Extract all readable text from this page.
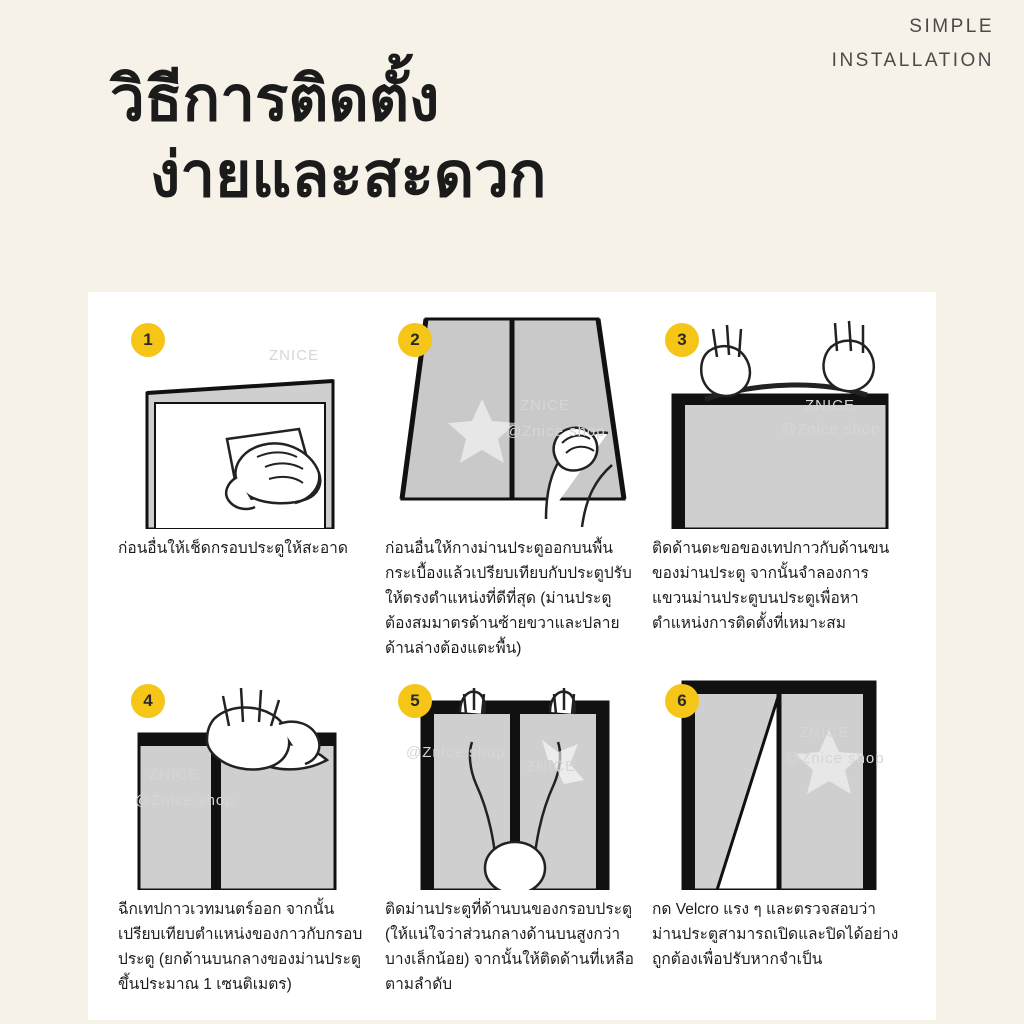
SIMPLE
INSTALLATION
วิธีการติดตั้ง
ง่ายและสะดวก
1
ZNICE
ก่อนอื่นให้เช็ดกรอบประตูให้สะอาด
2
ZNICE
@Znice shop
ก่อนอื่นให้กางม่านประตูออกบนพื้นกระเบื้องแล้วเปรียบเทียบกับประตูปรับให้ตรงตำแหน่งที่ดีที่สุด (ม่านประตูต้องสมมาตรด้านซ้ายขวาและปลายด้านล่างต้องแตะพื้น)
3
ZNICE
@Znice shop
ติดด้านตะขอของเทปกาวกับด้านขนของม่านประตู จากนั้นจำลองการแขวนม่านประตูบนประตูเพื่อหาตำแหน่งการติดตั้งที่เหมาะสม
4
ZNICE
@Znice shop
ฉีกเทปกาวเวทมนตร์ออก จากนั้นเปรียบเทียบตำแหน่งของกาวกับกรอบประตู (ยกด้านบนกลางของม่านประตูขึ้นประมาณ 1 เซนติเมตร)
5
ZNICE
@Znice shop
ติดม่านประตูที่ด้านบนของกรอบประตู (ให้แน่ใจว่าส่วนกลางด้านบนสูงกว่าบางเล็กน้อย) จากนั้นให้ติดด้านที่เหลือตามลำดับ
6
ZNICE
@Znice shop
กด Velcro แรง ๆ และตรวจสอบว่าม่านประตูสามารถเปิดและปิดได้อย่างถูกต้องเพื่อปรับหากจำเป็น
